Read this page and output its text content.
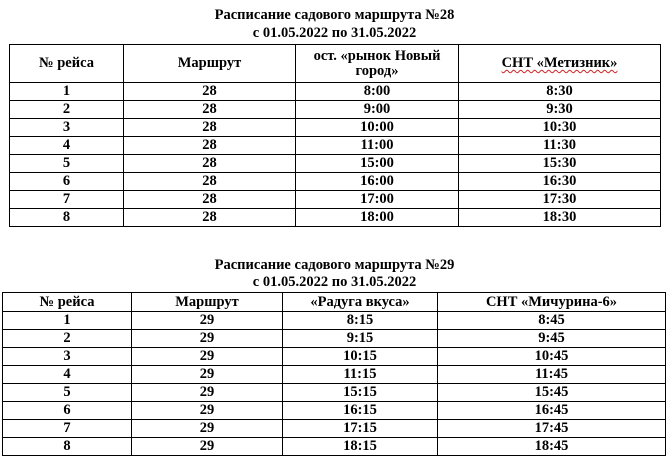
Расписание садового маршрута №28
с 01.05.2022 по 31.05.2022
№ рейса	Маршрут	ост. «рынок Новый город»	СНТ «Метизник»
1	28	8:00	8:30
2	28	9:00	9:30
3	28	10:00	10:30
4	28	11:00	11:30
5	28	15:00	15:30
6	28	16:00	16:30
7	28	17:00	17:30
8	28	18:00	18:30
Расписание садового маршрута №29
с 01.05.2022 по 31.05.2022
№ рейса	Маршрут	«Радуга вкуса»	СНТ «Мичурина-6»
1	29	8:15	8:45
2	29	9:15	9:45
3	29	10:15	10:45
4	29	11:15	11:45
5	29	15:15	15:45
6	29	16:15	16:45
7	29	17:15	17:45
8	29	18:15	18:45
